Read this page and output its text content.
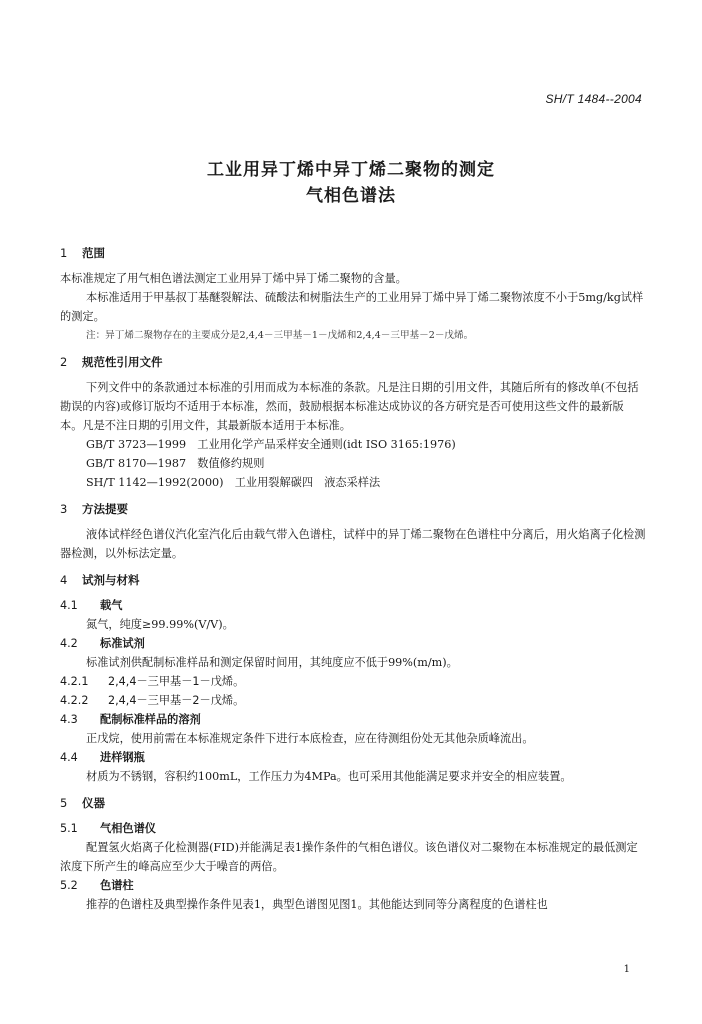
SH/T 1484--2004
工业用异丁烯中异丁烯二聚物的测定
气相色谱法
1 范围

本标准规定了用气相色谱法测定工业用异丁烯中异丁烯二聚物的含量。

本标准适用于甲基叔丁基醚裂解法、硫酸法和树脂法生产的工业用异丁烯中异丁烯二聚物浓度不小于5mg/kg试样的测定。

注：异丁烯二聚物存在的主要成分是2,4,4－三甲基－1－戊烯和2,4,4－三甲基－2－戊烯。

2 规范性引用文件

下列文件中的条款通过本标准的引用而成为本标准的条款。凡是注日期的引用文件，其随后所有的修改单(不包括勘误的内容)或修订版均不适用于本标准，然而，鼓励根据本标准达成协议的各方研究是否可使用这些文件的最新版本。凡是不注日期的引用文件，其最新版本适用于本标准。

GB/T 3723—1999　工业用化学产品采样安全通则(idt ISO 3165:1976)

GB/T 8170—1987　数值修约规则

SH/T 1142—1992(2000)　工业用裂解碳四　液态采样法

3 方法提要

液体试样经色谱仪汽化室汽化后由载气带入色谱柱，试样中的异丁烯二聚物在色谱柱中分离后，用火焰离子化检测器检测，以外标法定量。

4 试剂与材料
4.1 载气

氮气，纯度≥99.99%(V/V)。

4.2 标准试剂

标准试剂供配制标准样品和测定保留时间用，其纯度应不低于99%(m/m)。

4.2.1 2,4,4－三甲基－1－戊烯。
4.2.2 2,4,4－三甲基－2－戊烯。
4.3 配制标准样品的溶剂

正戊烷，使用前需在本标准规定条件下进行本底检查，应在待测组份处无其他杂质峰流出。

4.4 进样钢瓶

材质为不锈钢，容积约100mL，工作压力为4MPa。也可采用其他能满足要求并安全的相应装置。

5 仪器
5.1 气相色谱仪

配置氢火焰离子化检测器(FID)并能满足表1操作条件的气相色谱仪。该色谱仪对二聚物在本标准规定的最低测定浓度下所产生的峰高应至少大于噪音的两倍。

5.2 色谱柱

推荐的色谱柱及典型操作条件见表1，典型色谱图见图1。其他能达到同等分离程度的色谱柱也

1
